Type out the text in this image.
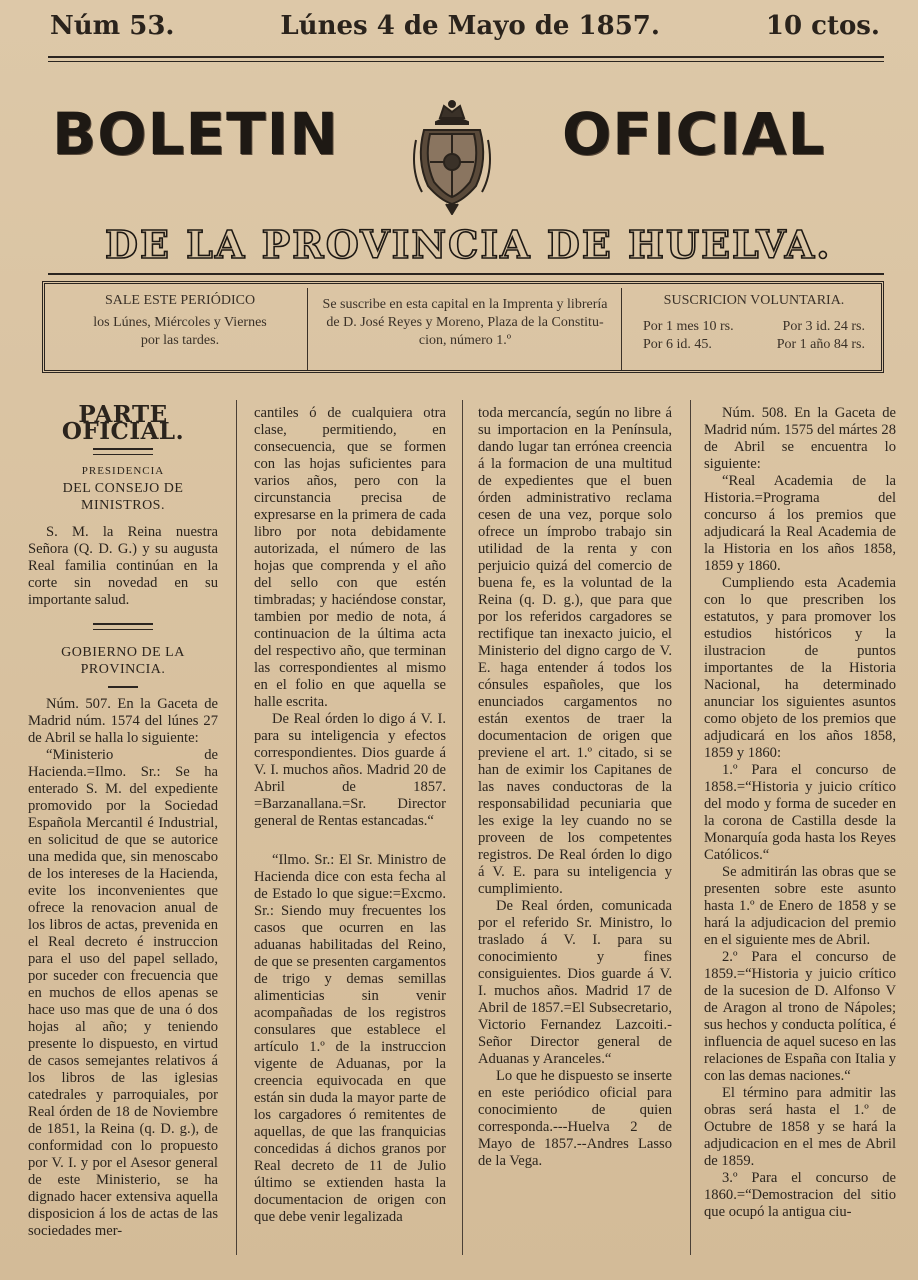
Núm 53.	Lúnes 4 de Mayo de 1857.	10 ctos.
BOLETIN	OFICIAL
DE LA PROVINCIA DE HUELVA.
SALE ESTE PERIÓDICO
los Lúnes, Miércoles y Viernes
por las tardes.
Se suscribe en esta capital en la Imprenta y librería
de D. José Reyes y Moreno, Plaza de la Constitu-
cion, número 1.º
SUSCRICION VOLUNTARIA.
Por 1 mes 10 rs.	Por 3 id. 24 rs.
Por 6 id. 45.	Por 1 año 84 rs.
PARTE OFICIAL.
PRESIDENCIA
DEL CONSEJO DE MINISTROS.

S. M. la Reina nuestra Señora (Q. D. G.) y su augusta Real familia continúan en la corte sin novedad en su importante salud.

GOBIERNO DE LA PROVINCIA.

Núm. 507. En la Gaceta de Madrid núm. 1574 del lúnes 27 de Abril se halla lo siguiente:

“Ministerio de Hacienda.=Ilmo. Sr.: Se ha enterado S. M. del expediente promovido por la Sociedad Española Mercantil é Industrial, en solicitud de que se autorice una medida que, sin menoscabo de los intereses de la Hacienda, evite los inconvenientes que ofrece la renovacion anual de los libros de actas, prevenida en el Real decreto é instruccion para el uso del papel sellado, por suceder con frecuencia que en muchos de ellos apenas se hace uso mas que de una ó dos hojas al año; y teniendo presente lo dispuesto, en virtud de casos semejantes relativos á los libros de las iglesias catedrales y parroquiales, por Real órden de 18 de Noviembre de 1851, la Reina (q. D. g.), de conformidad con lo propuesto por V. I. y por el Asesor general de este Ministerio, se ha dignado hacer extensiva aquella disposicion á los de actas de las sociedades mer-

cantiles ó de cualquiera otra clase, permitiendo, en consecuencia, que se formen con las hojas suficientes para varios años, pero con la circunstancia precisa de expresarse en la primera de cada libro por nota debidamente autorizada, el número de las hojas que comprenda y el año del sello con que estén timbradas; y haciéndose constar, tambien por medio de nota, á continuacion de la última acta del respectivo año, que terminan las correspondientes al mismo en el folio en que aquella se halle escrita.

De Real órden lo digo á V. I. para su inteligencia y efectos correspondientes. Dios guarde á V. I. muchos años. Madrid 20 de Abril de 1857. =Barzanallana.=Sr. Director general de Rentas estancadas.“

“Ilmo. Sr.: El Sr. Ministro de Hacienda dice con esta fecha al de Estado lo que sigue:=Excmo. Sr.: Siendo muy frecuentes los casos que ocurren en las aduanas habilitadas del Reino, de que se presenten cargamentos de trigo y demas semillas alimenticias sin venir acompañadas de los registros consulares que establece el artículo 1.º de la instruccion vigente de Aduanas, por la creencia equivocada en que están sin duda la mayor parte de los cargadores ó remitentes de aquellas, de que las franquicias concedidas á dichos granos por Real decreto de 11 de Julio último se extienden hasta la documentacion de origen con que debe venir legalizada

toda mercancía, según no libre á su importacion en la Península, dando lugar tan errónea creencia á la formacion de una multitud de expedientes que el buen órden administrativo reclama cesen de una vez, porque solo ofrece un ímprobo trabajo sin utilidad de la renta y con perjuicio quizá del comercio de buena fe, es la voluntad de la Reina (q. D. g.), que para que por los referidos cargadores se rectifique tan inexacto juicio, el Ministerio del digno cargo de V. E. haga entender á todos los cónsules españoles, que los enunciados cargamentos no están exentos de traer la documentacion de origen que previene el art. 1.º citado, si se han de eximir los Capitanes de las naves conductoras de la responsabilidad pecuniaria que les exige la ley cuando no se proveen de los competentes registros. De Real órden lo digo á V. E. para su inteligencia y cumplimiento.

De Real órden, comunicada por el referido Sr. Ministro, lo traslado á V. I. para su conocimiento y fines consiguientes. Dios guarde á V. I. muchos años. Madrid 17 de Abril de 1857.=El Subsecretario, Victorio Fernandez Lazcoiti.-Señor Director general de Aduanas y Aranceles.“

Lo que he dispuesto se inserte en este periódico oficial para conocimiento de quien corresponda.---Huelva 2 de Mayo de 1857.--Andres Lasso de la Vega.

Núm. 508. En la Gaceta de Madrid núm. 1575 del mártes 28 de Abril se encuentra lo siguiente:

“Real Academia de la Historia.=Programa del concurso á los premios que adjudicará la Real Academia de la Historia en los años 1858, 1859 y 1860.

Cumpliendo esta Academia con lo que prescriben los estatutos, y para promover los estudios históricos y la ilustracion de puntos importantes de la Historia Nacional, ha determinado anunciar los siguientes asuntos como objeto de los premios que adjudicará en los años 1858, 1859 y 1860:

1.º Para el concurso de 1858.=“Historia y juicio crítico del modo y forma de suceder en la corona de Castilla desde la Monarquía goda hasta los Reyes Católicos.“

Se admitirán las obras que se presenten sobre este asunto hasta 1.º de Enero de 1858 y se hará la adjudicacion del premio en el siguiente mes de Abril.

2.º Para el concurso de 1859.=“Historia y juicio crítico de la sucesion de D. Alfonso V de Aragon al trono de Nápoles; sus hechos y conducta política, é influencia de aquel suceso en las relaciones de España con Italia y con las demas naciones.“

El término para admitir las obras será hasta el 1.º de Octubre de 1858 y se hará la adjudicacion en el mes de Abril de 1859.

3.º Para el concurso de 1860.=“Demostracion del sitio que ocupó la antigua ciu-
